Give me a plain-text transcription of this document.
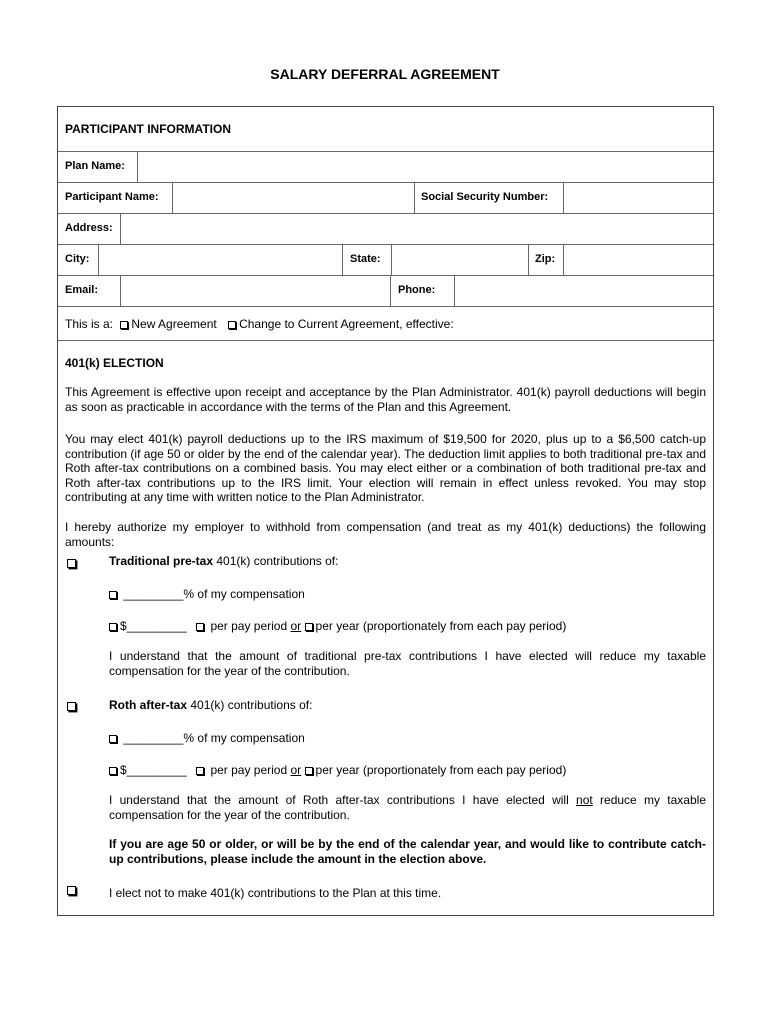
SALARY DEFERRAL AGREEMENT
PARTICIPANT INFORMATION
Plan Name:
Participant Name:	Social Security Number:
Address:
City:	State:	Zip:
Email:	Phone:
This is a: New Agreement Change to Current Agreement, effective:
401(k) ELECTION
This Agreement is effective upon receipt and acceptance by the Plan Administrator. 401(k) payroll deductions will begin as soon as practicable in accordance with the terms of the Plan and this Agreement.
You may elect 401(k) payroll deductions up to the IRS maximum of $19,500 for 2020, plus up to a $6,500 catch-up contribution (if age 50 or older by the end of the calendar year). The deduction limit applies to both traditional pre-tax and Roth after-tax contributions on a combined basis. You may elect either or a combination of both traditional pre-tax and Roth after-tax contributions up to the IRS limit. Your election will remain in effect unless revoked. You may stop contributing at any time with written notice to the Plan Administrator.
I hereby authorize my employer to withhold from compensation (and treat as my 401(k) deductions) the following amounts:
Traditional pre-tax 401(k) contributions of:
_________% of my compensation
$_________ per pay period or per year (proportionately from each pay period)
I understand that the amount of traditional pre-tax contributions I have elected will reduce my taxable compensation for the year of the contribution.
Roth after-tax 401(k) contributions of:
_________% of my compensation
$_________ per pay period or per year (proportionately from each pay period)
I understand that the amount of Roth after-tax contributions I have elected will not reduce my taxable compensation for the year of the contribution.
If you are age 50 or older, or will be by the end of the calendar year, and would like to contribute catch-up contributions, please include the amount in the election above.
I elect not to make 401(k) contributions to the Plan at this time.
